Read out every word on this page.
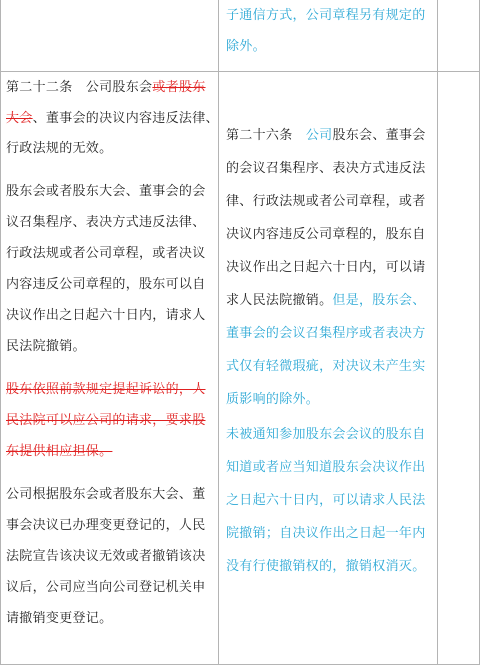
子通信方式，公司章程另有规定的
除外。
第二十二条 公司股东会或者股东
大会、董事会的决议内容违反法律、
行政法规的无效。
股东会或者股东大会、董事会的会
议召集程序、表决方式违反法律、
行政法规或者公司章程，或者决议
内容违反公司章程的，股东可以自
决议作出之日起六十日内，请求人
民法院撤销。
股东依照前款规定提起诉讼的，人
民法院可以应公司的请求，要求股
东提供相应担保。
公司根据股东会或者股东大会、董
事会决议已办理变更登记的，人民
法院宣告该决议无效或者撤销该决
议后，公司应当向公司登记机关申
请撤销变更登记。
第二十六条 公司股东会、董事会
的会议召集程序、表决方式违反法
律、行政法规或者公司章程，或者
决议内容违反公司章程的，股东自
决议作出之日起六十日内，可以请
求人民法院撤销。但是，股东会、
董事会的会议召集程序或者表决方
式仅有轻微瑕疵，对决议未产生实
质影响的除外。
未被通知参加股东会会议的股东自
知道或者应当知道股东会决议作出
之日起六十日内，可以请求人民法
院撤销；自决议作出之日起一年内
没有行使撤销权的，撤销权消灭。
